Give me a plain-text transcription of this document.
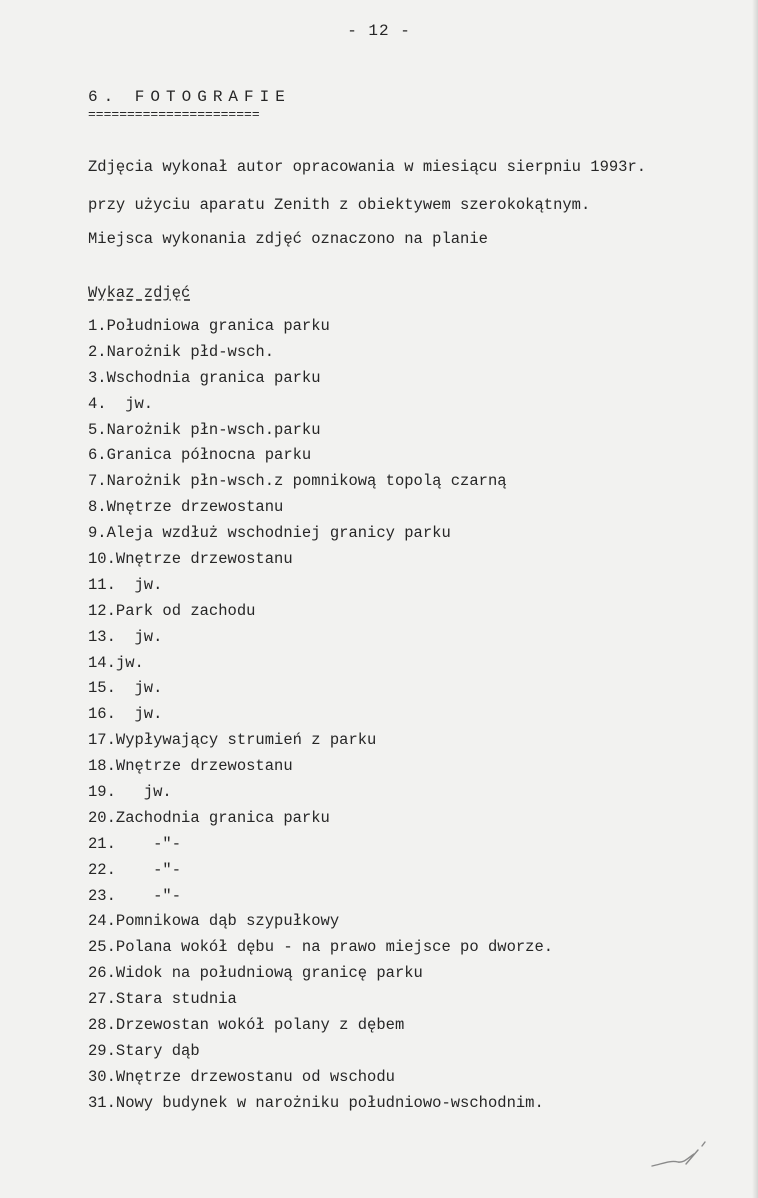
- 12 -
6. FOTOGRAFIE
======================
Zdjęcia wykonał autor opracowania w miesiącu sierpniu 1993r.
przy użyciu aparatu Zenith z obiektywem szerokokątnym.
Miejsca wykonania zdjęć oznaczono na planie
Wykaz zdjęć
1.Południowa granica parku
2.Narożnik płd-wsch.
3.Wschodnia granica parku
4.  jw.
5.Narożnik płn-wsch.parku
6.Granica północna parku
7.Narożnik płn-wsch.z pomnikową topolą czarną
8.Wnętrze drzewostanu
9.Aleja wzdłuż wschodniej granicy parku
10.Wnętrze drzewostanu
11.  jw.
12.Park od zachodu
13.  jw.
14.jw.
15.  jw.
16.  jw.
17.Wypływający strumień z parku
18.Wnętrze drzewostanu
19.   jw.
20.Zachodnia granica parku
21.    -"-
22.    -"-
23.    -"-
24.Pomnikowa dąb szypułkowy
25.Polana wokół dębu - na prawo miejsce po dworze.
26.Widok na południową granicę parku
27.Stara studnia
28.Drzewostan wokół polany z dębem
29.Stary dąb
30.Wnętrze drzewostanu od wschodu
31.Nowy budynek w narożniku południowo-wschodnim.
